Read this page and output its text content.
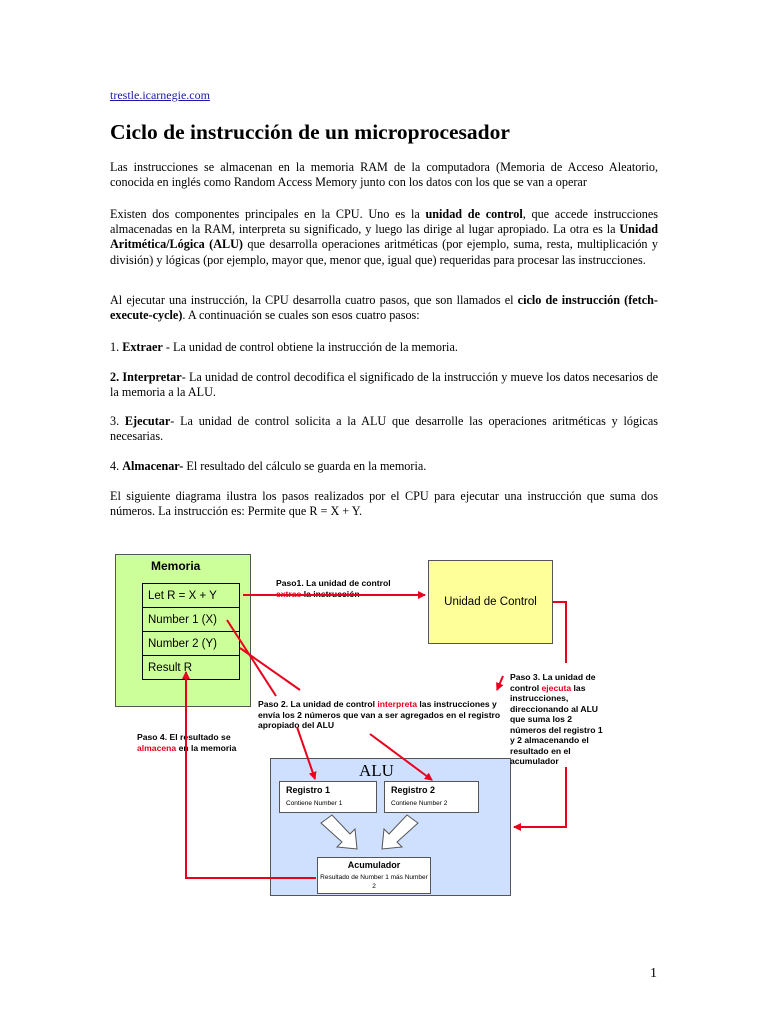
trestle.icarnegie.com
Ciclo de instrucción de un microprocesador
Las instrucciones se almacenan en la memoria RAM de la computadora (Memoria de Acceso Aleatorio, conocida en inglés como Random Access Memory junto con los datos con los que se van a operar
Existen dos componentes principales en la CPU. Uno es la unidad de control, que accede instrucciones almacenadas en la RAM, interpreta su significado, y luego las dirige al lugar apropiado. La otra es la Unidad Aritmética/Lógica (ALU) que desarrolla operaciones aritméticas (por ejemplo, suma, resta, multiplicación y división) y lógicas (por ejemplo, mayor que, menor que, igual que) requeridas para procesar las instrucciones.
Al ejecutar una instrucción, la CPU desarrolla cuatro pasos, que son llamados el ciclo de instrucción (fetch-execute-cycle). A continuación se cuales son esos cuatro pasos:
1. Extraer - La unidad de control obtiene la instrucción de la memoria.
2. Interpretar- La unidad de control decodifica el significado de la instrucción y mueve los datos necesarios de la memoria a la ALU.
3. Ejecutar- La unidad de control solicita a la ALU que desarrolle las operaciones aritméticas y lógicas necesarias.
4. Almacenar- El resultado del cálculo se guarda en la memoria.
El siguiente diagrama ilustra los pasos realizados por el CPU para ejecutar una instrucción que suma dos números. La instrucción es: Permite que R = X + Y.
Memoria
Let R = X + Y
Number 1 (X)
Number 2 (Y)
Result R
Unidad de Control
ALU
Registro 1
Contiene Number 1
Registro 2
Contiene Number 2
Acumulador
Resultado de Number 1 más Number 2
Paso1. La unidad de control
extrae la instrucción
Paso 2. La unidad de control interpreta las instrucciones y envía los 2 números que van a ser agregados en el registro apropiado del ALU
Paso 3. La unidad de control ejecuta las instrucciones, direccionando al ALU que suma los 2 números del registro 1 y 2 almacenando el resultado en el acumulador
Paso 4. El resultado se almacena en la memoria
1
